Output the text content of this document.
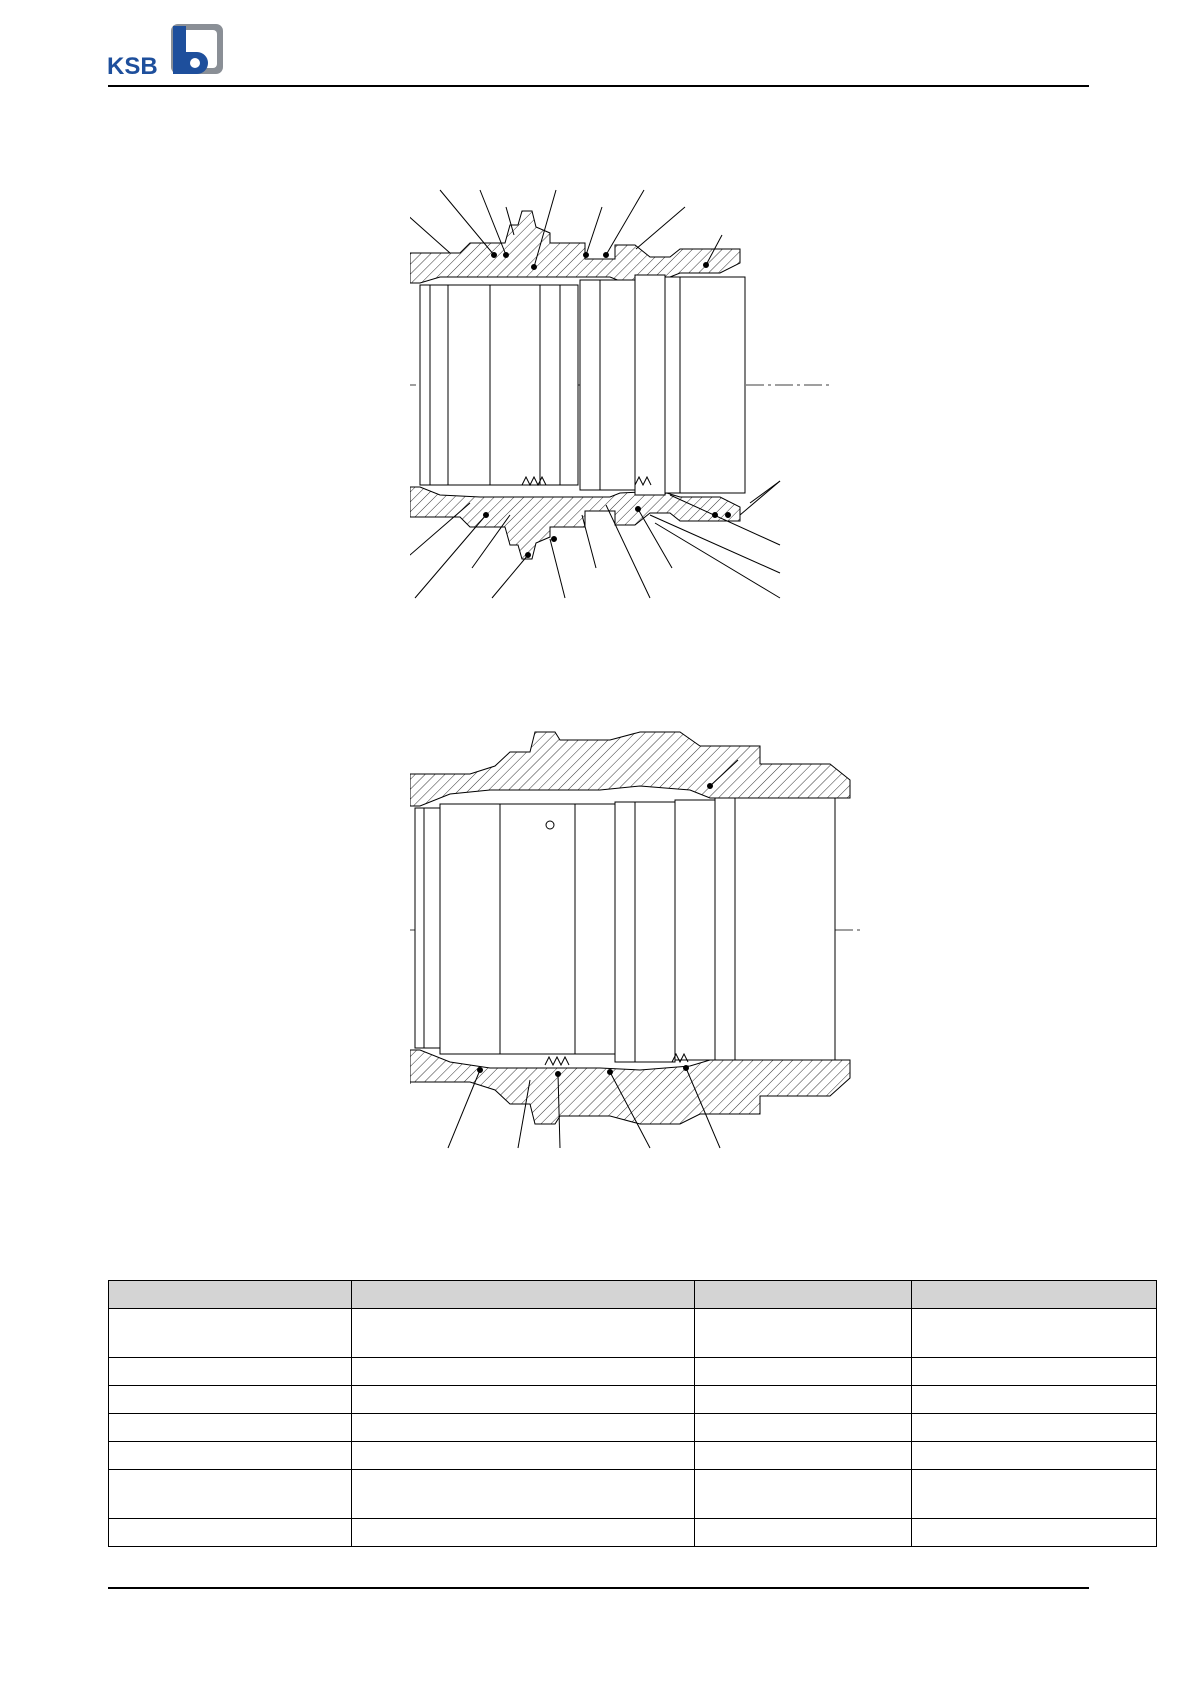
KSB
